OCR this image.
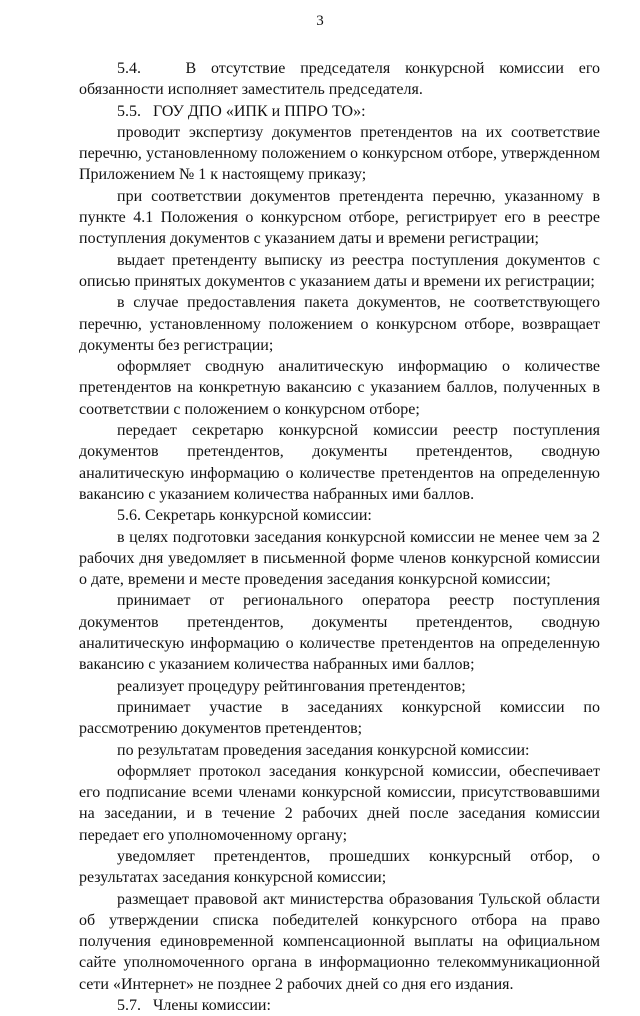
3

5.4.   В отсутствие председателя конкурсной комиссии его обязанности исполняет заместитель председателя.

5.5.   ГОУ ДПО «ИПК и ППРО ТО»:

проводит экспертизу документов претендентов на их соответствие перечню, установленному положением о конкурсном отборе, утвержденном Приложением № 1 к настоящему приказу;

при соответствии документов претендента перечню, указанному в пункте 4.1 Положения о конкурсном отборе, регистрирует его в реестре поступления документов с указанием даты и времени регистрации;

выдает претенденту выписку из реестра поступления документов с описью принятых документов с указанием даты и времени их регистрации;

в случае предоставления пакета документов, не соответствующего перечню, установленному положением о конкурсном отборе, возвращает документы без регистрации;

оформляет сводную аналитическую информацию о количестве претендентов на конкретную вакансию с указанием баллов, полученных в соответствии с положением о конкурсном отборе;

передает секретарю конкурсной комиссии реестр поступления документов претендентов, документы претендентов, сводную аналитическую информацию о количестве претендентов на определенную вакансию с указанием количества набранных ими баллов.

5.6. Секретарь конкурсной комиссии:

в целях подготовки заседания конкурсной комиссии не менее чем за 2 рабочих дня уведомляет в письменной форме членов конкурсной комиссии о дате, времени и месте проведения заседания конкурсной комиссии;

принимает от регионального оператора реестр поступления документов претендентов, документы претендентов, сводную аналитическую информацию о количестве претендентов на определенную вакансию с указанием количества набранных ими баллов;

реализует процедуру рейтингования претендентов;

принимает участие в заседаниях конкурсной комиссии по рассмотрению документов претендентов;

по результатам проведения заседания конкурсной комиссии:

оформляет протокол заседания конкурсной комиссии, обеспечивает его подписание всеми членами конкурсной комиссии, присутствовавшими на заседании, и в течение 2 рабочих дней после заседания комиссии передает его уполномоченному органу;

уведомляет претендентов, прошедших конкурсный отбор, о результатах заседания конкурсной комиссии;

размещает правовой акт министерства образования Тульской области об утверждении списка победителей конкурсного отбора на право получения единовременной компенсационной выплаты на официальном сайте уполномоченного органа в информационно телекоммуникационной сети «Интернет» не позднее 2 рабочих дней со дня его издания.

5.7.   Члены комиссии:
